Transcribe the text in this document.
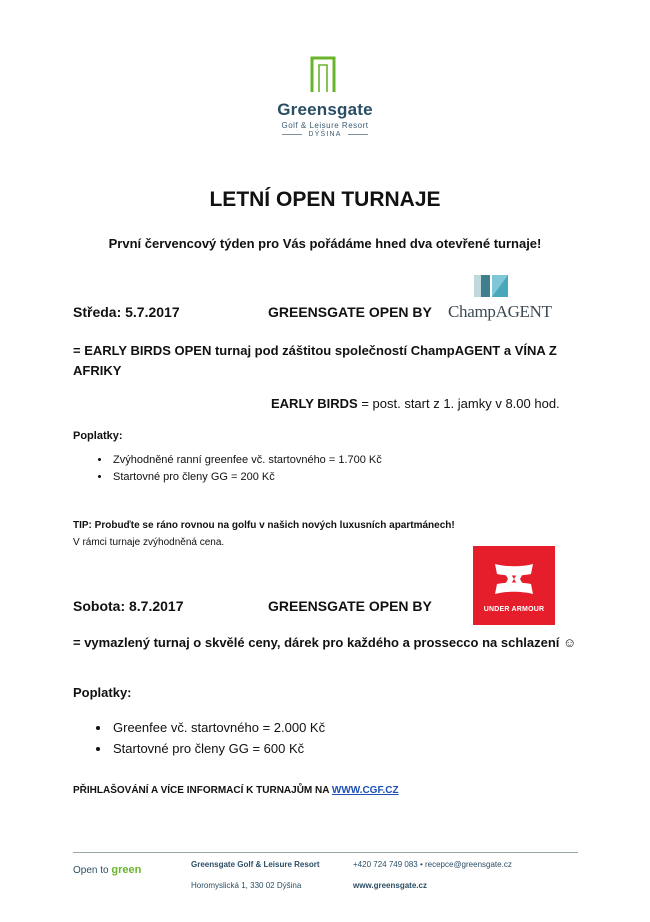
Greensgate
Golf & Leisure Resort
DÝŠINA
LETNÍ OPEN TURNAJE
První červencový týden pro Vás pořádáme hned dva otevřené turnaje!
Středa: 5.7.2017	GREENSGATE OPEN BY ChampAGENT
= EARLY BIRDS OPEN turnaj pod záštitou společností ChampAGENT a VÍNA Z AFRIKY
EARLY BIRDS = post. start z 1. jamky v 8.00 hod.
Poplatky:
• Zvýhodněné ranní greenfee vč. startovného = 1.700 Kč
• Startovné pro členy GG = 200 Kč
TIP: Probuďte se ráno rovnou na golfu v našich nových luxusních apartmánech!
V rámci turnaje zvýhodněná cena.
UNDER ARMOUR
Sobota: 8.7.2017	GREENSGATE OPEN BY
= vymazlený turnaj o skvělé ceny, dárek pro každého a prossecco na schlazení ☺
Poplatky:
• Greenfee vč. startovného = 2.000 Kč
• Startovné pro členy GG = 600 Kč
PŘIHLAŠOVÁNÍ A VÍCE INFORMACÍ K TURNAJŮM NA WWW.CGF.CZ
Open to green	Greensgate Golf & Leisure Resort
Horomyslická 1, 330 02 Dýšina
+420 724 749 083 • recepce@greensgate.cz
www.greensgate.cz
